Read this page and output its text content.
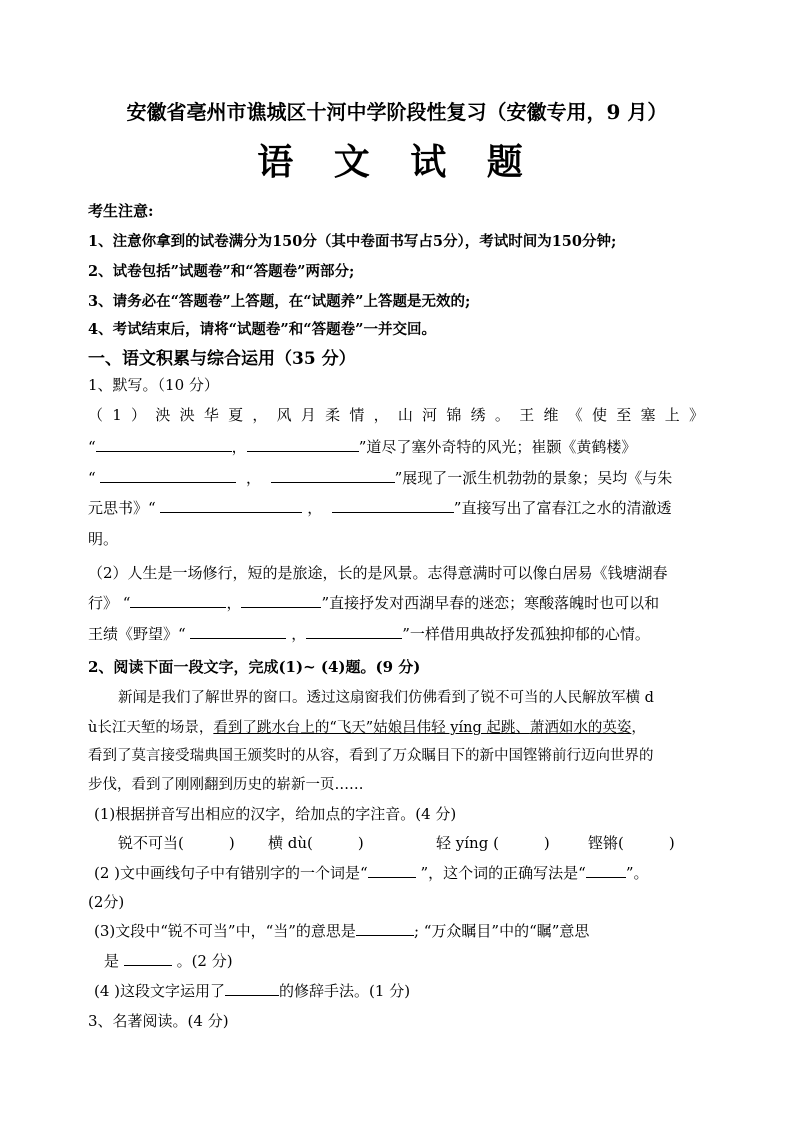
安徽省亳州市谯城区十河中学阶段性复习（安徽专用，9 月）
语 文 试 题
考生注意:
1、注意你拿到的试卷满分为150分（其中卷面书写占5分），考试时间为150分钟;
2、试卷包括”试题卷”和“答题卷”两部分;
3、请务必在“答题卷”上答题，在“试题养”上答题是无效的;
4、考试结束后，请将“试题卷”和“答题卷”一并交回。
一、语文积累与综合运用（35 分）
1、默写。（10 分）
（1）泱泱华夏，风月柔情，山河锦绣。王维《使至塞上》
“	，	”道尽了塞外奇特的风光；崔颢《黄鹤楼》
“	，	”展现了一派生机勃勃的景象；吴均《与朱
元思书》“	，	”直接写出了富春江之水的清澈透
明。
（2）人生是一场修行，短的是旅途，长的是风景。志得意满时可以像白居易《钱塘湖春
行》 “	，	”直接抒发对西湖早春的迷恋；寒酸落魄时也可以和
王绩《野望》“	，	”一样借用典故抒发孤独抑郁的心情。
2、阅读下面一段文字，完成(1)~ (4)题。(9 分)
新闻是我们了解世界的窗口。透过这扇窗我们仿佛看到了锐不可当的人民解放军横 d
ù长江天堑的场景，看到了跳水台上的“飞天”姑娘吕伟轻 yíng 起跳、萧洒如水的英姿，
看到了莫言接受瑞典国王颁奖时的从容，看到了万众瞩目下的新中国铿锵前行迈向世界的
步伐，看到了刚刚翻到历史的崭新一页……
(1)根据拼音写出相应的汉字，给加点的字注音。(4 分)
锐不可当(　　　) 横 dù(　　　)	轻 yíng (　　　)	铿锵(　　　)
(2 )文中画线句子中有错别字的一个词是“	”，这个词的正确写法是“	”。
(2分)
(3)文段中“锐不可当”中，“当”的意思是	; “万众瞩目”中的“瞩”意思
是	。(2 分)
(4 )这段文字运用了	的修辞手法。(1 分)
3、名著阅读。(4 分)
